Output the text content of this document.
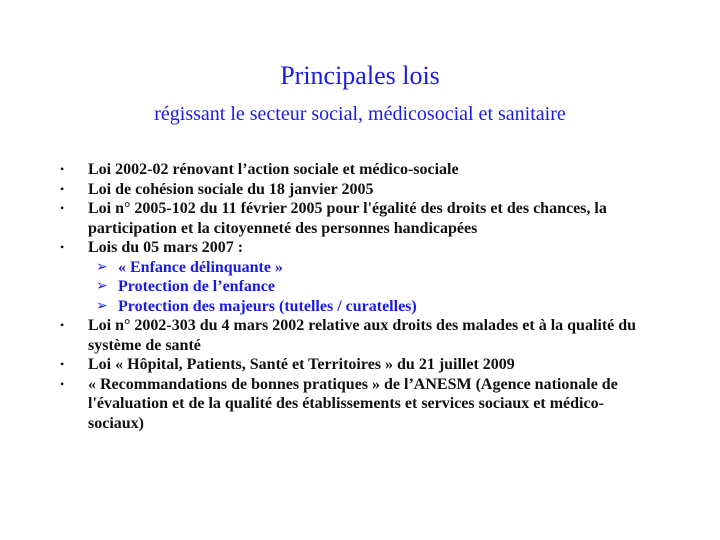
Principales lois
régissant le secteur social, médicosocial et sanitaire
• Loi 2002-02 rénovant l’action sociale et médico-sociale
• Loi de cohésion sociale du 18 janvier 2005
• Loi n° 2005-102 du 11 février 2005 pour l'égalité des droits et des chances, la participation et la citoyenneté des personnes handicapées
• Lois du 05 mars 2007 :
➢ « Enfance délinquante »
➢ Protection de l’enfance
➢ Protection des majeurs (tutelles / curatelles)
• Loi n° 2002-303 du 4 mars 2002 relative aux droits des malades et à la qualité du système de santé
• Loi « Hôpital, Patients, Santé et Territoires » du 21 juillet 2009
• « Recommandations de bonnes pratiques » de l’ANESM (Agence nationale de l'évaluation et de la qualité des établissements et services sociaux et médico-sociaux)
